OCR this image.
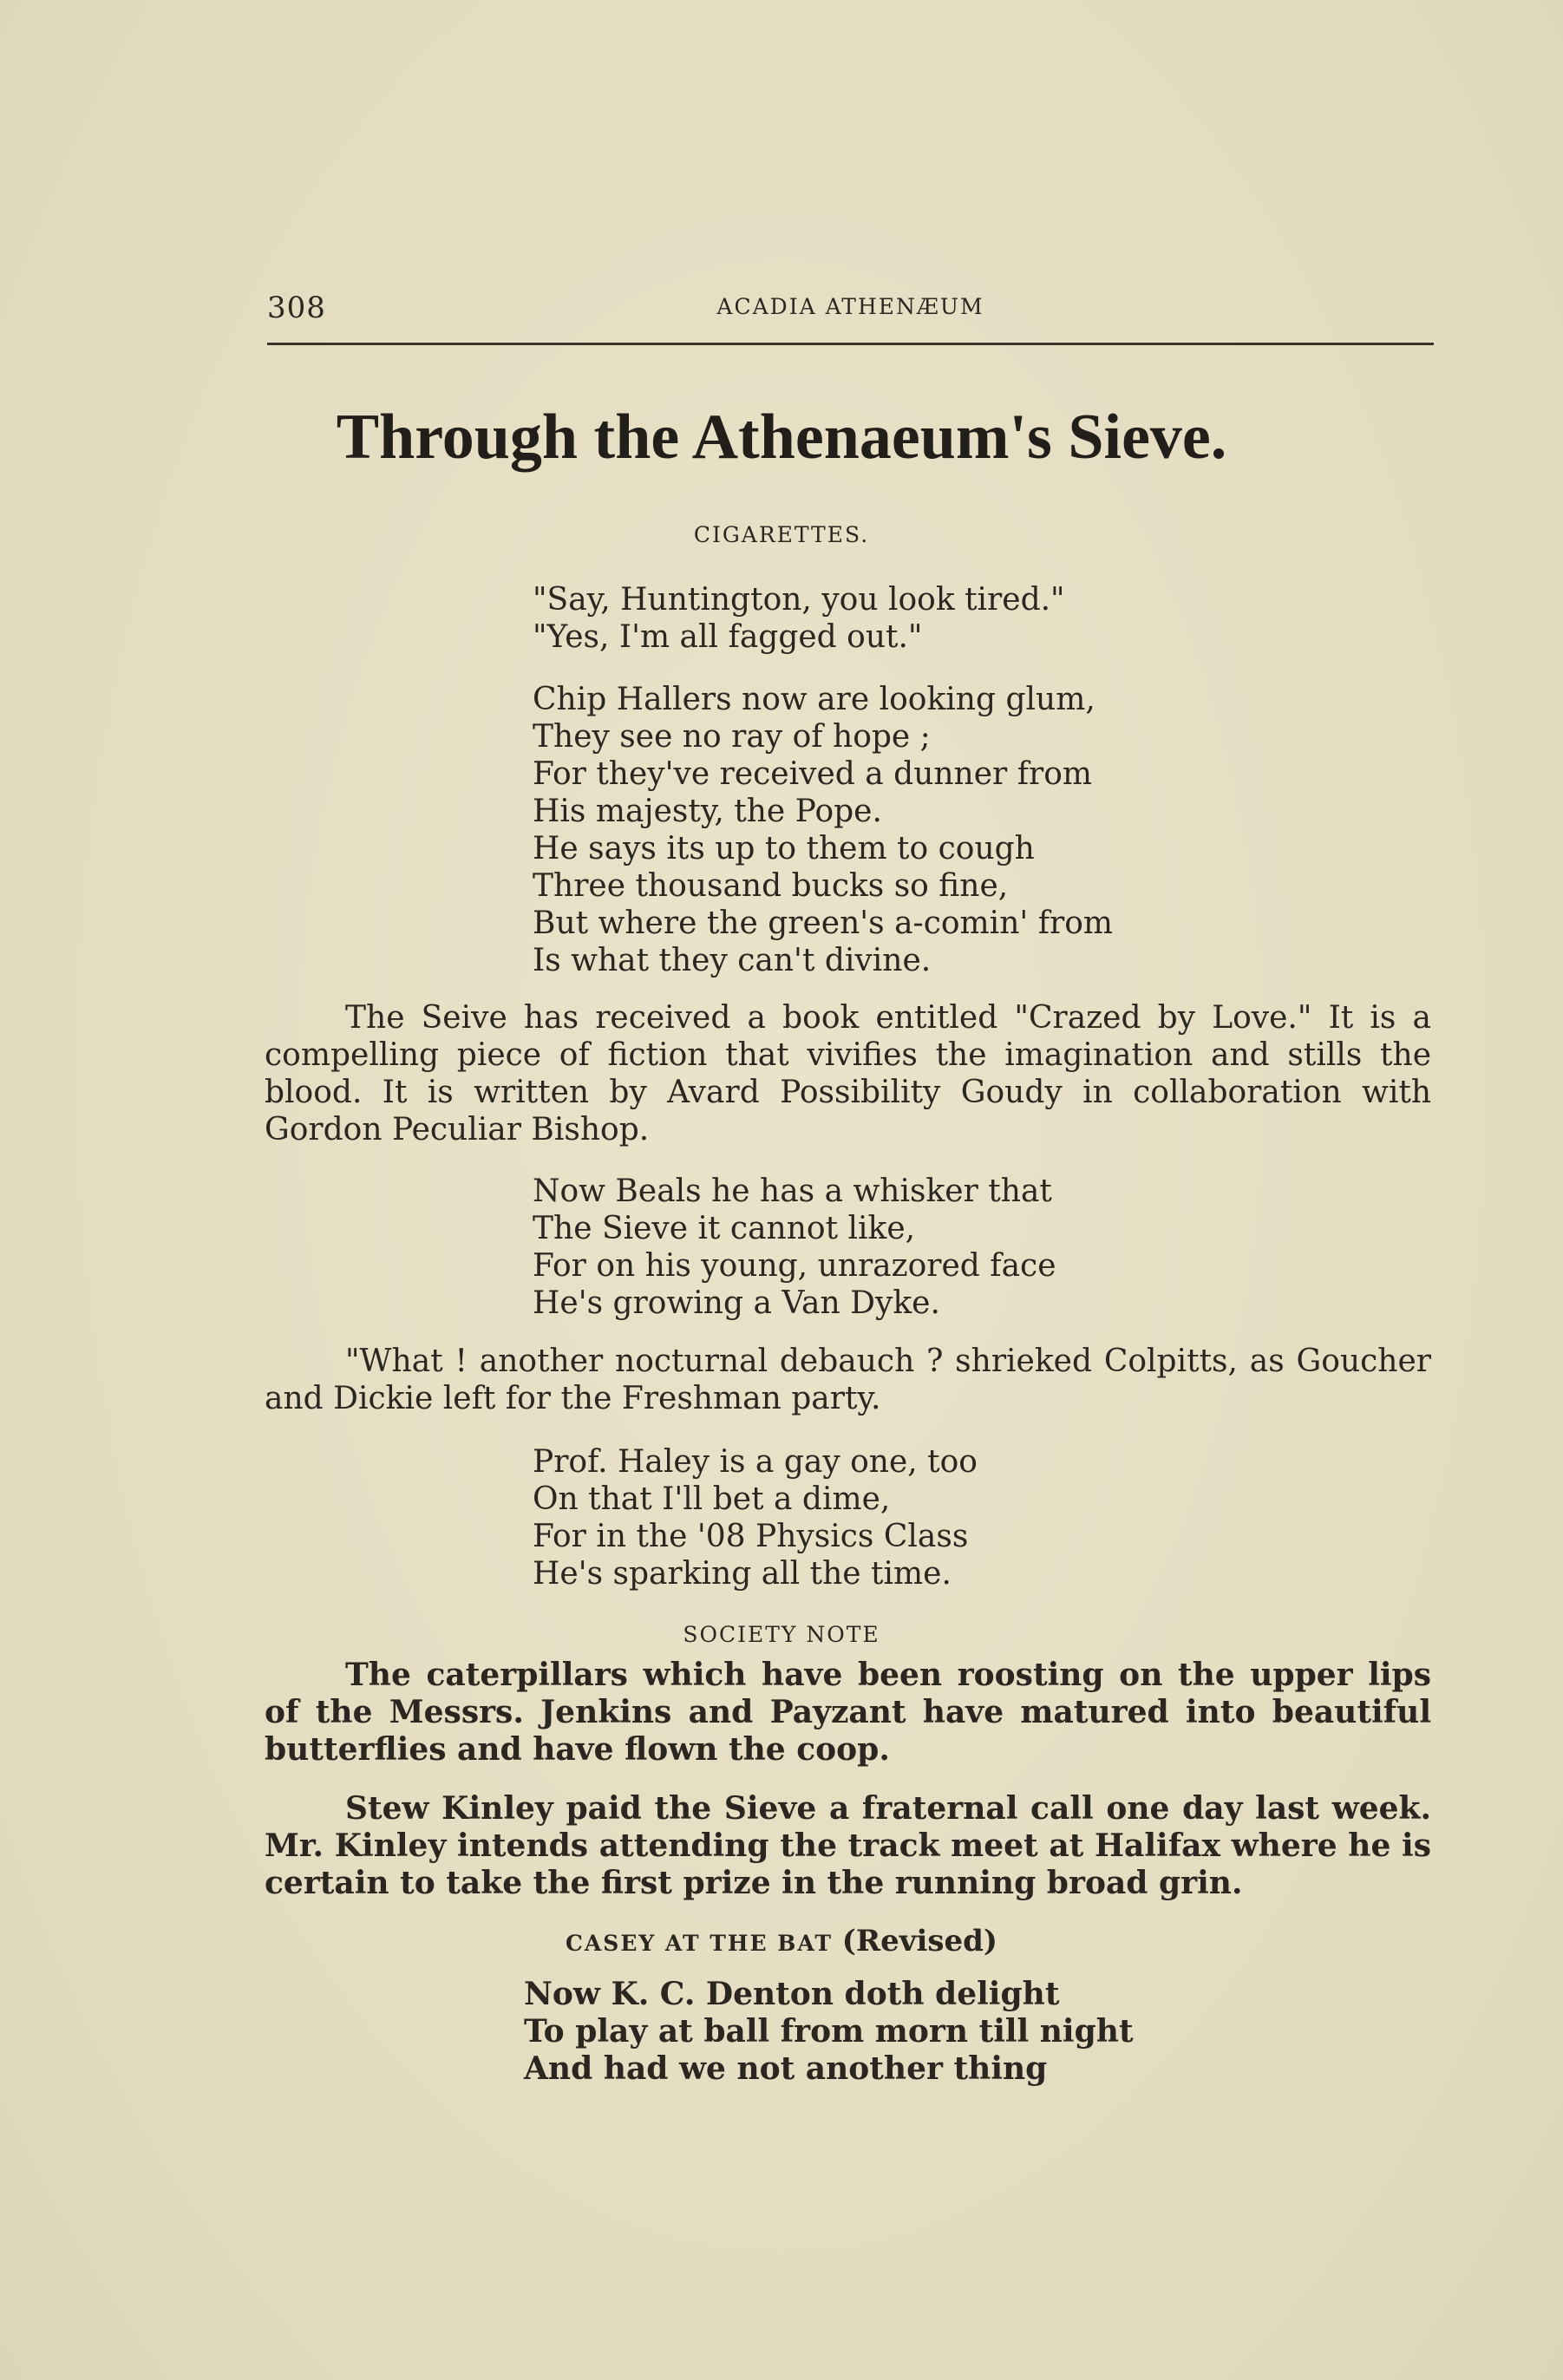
308	ACADIA ATHENÆUM
Through the Athenaeum's Sieve.
CIGARETTES.
"Say, Huntington, you look tired."
"Yes, I'm all fagged out."
Chip Hallers now are looking glum,
They see no ray of hope ;
For they've received a dunner from
His majesty, the Pope.
He says its up to them to cough
Three thousand bucks so fine,
But where the green's a-comin' from
Is what they can't divine.
The Seive has received a book entitled "Crazed by Love." It is a compelling piece of fiction that vivifies the imagination and stills the blood. It is written by Avard Possibility Goudy in collaboration with Gordon Peculiar Bishop.
Now Beals he has a whisker that
The Sieve it cannot like,
For on his young, unrazored face
He's growing a Van Dyke.
"What ! another nocturnal debauch ? shrieked Colpitts, as Goucher and Dickie left for the Freshman party.
Prof. Haley is a gay one, too
On that I'll bet a dime,
For in the '08 Physics Class
He's sparking all the time.
SOCIETY NOTE
The caterpillars which have been roosting on the upper lips of the Messrs. Jenkins and Payzant have matured into beautiful butterflies and have flown the coop.
Stew Kinley paid the Sieve a fraternal call one day last week. Mr. Kinley intends attending the track meet at Halifax where he is certain to take the first prize in the running broad grin.
CASEY AT THE BAT (Revised)
Now K. C. Denton doth delight
To play at ball from morn till night
And had we not another thing
